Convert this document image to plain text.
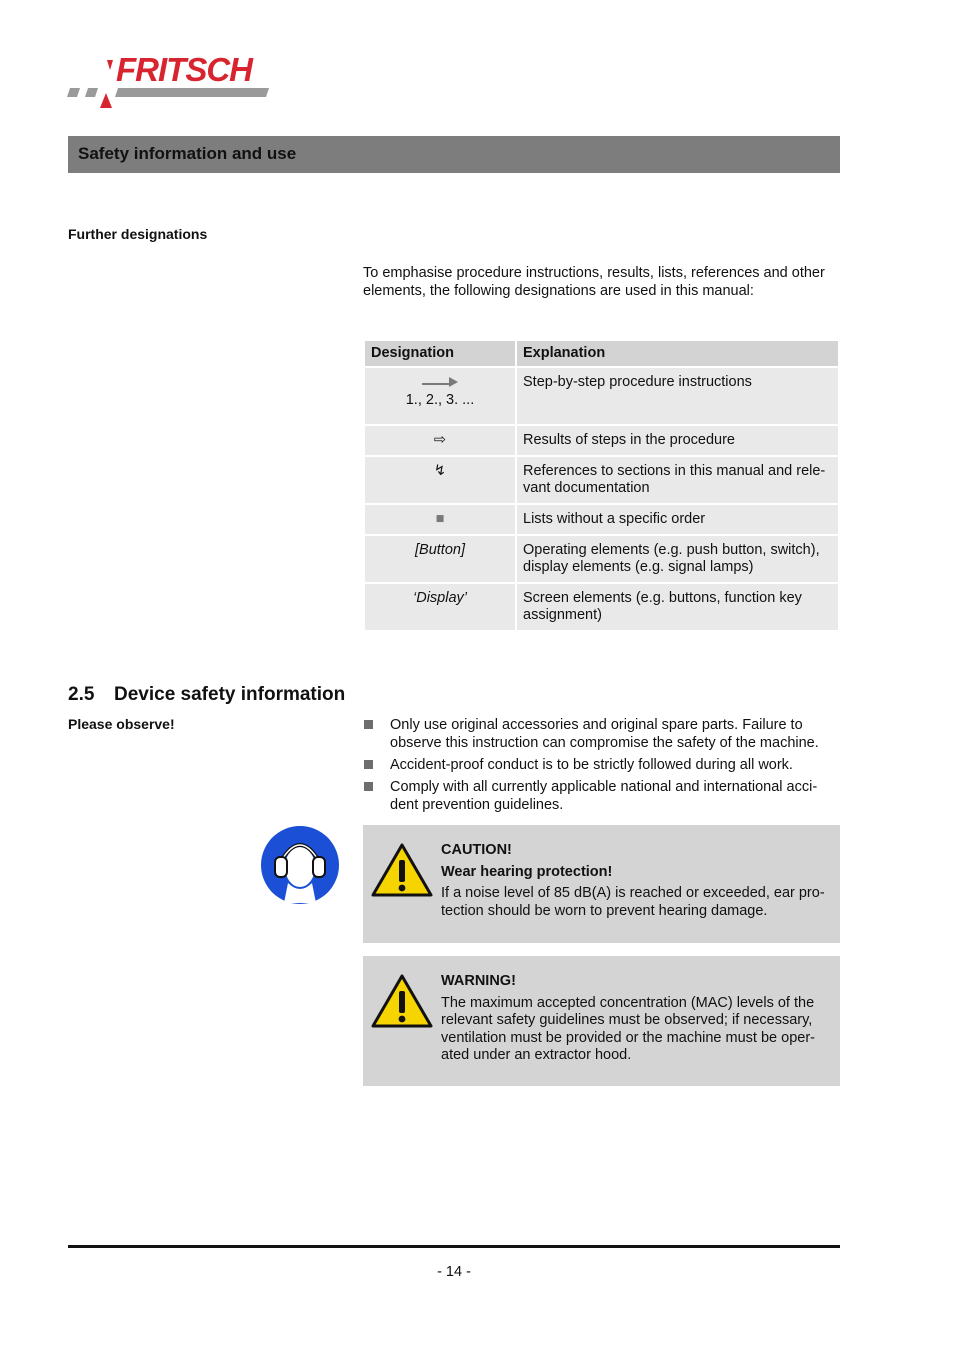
FRITSCH
Safety information and use
Further designations
To emphasise procedure instructions, results, lists, references and other elements, the following designations are used in this manual:
Designation	Explanation

1., 2., 3. ...	Step-by-step procedure instructions
⇨	Results of steps in the procedure
↯	References to sections in this manual and rele-vant documentation
■	Lists without a specific order
[Button]	Operating elements (e.g. push button, switch), display elements (e.g. signal lamps)
‘Display’	Screen elements (e.g. buttons, function key assignment)
2.5 Device safety information
Please observe!	Only use original accessories and original spare parts. Failure to observe this instruction can compromise the safety of the machine.
Accident-proof conduct is to be strictly followed during all work.
Comply with all currently applicable national and international acci-dent prevention guidelines.
CAUTION!
Wear hearing protection!
If a noise level of 85 dB(A) is reached or exceeded, ear pro-tection should be worn to prevent hearing damage.
WARNING!
The maximum accepted concentration (MAC) levels of the relevant safety guidelines must be observed; if necessary, ventilation must be provided or the machine must be oper-ated under an extractor hood.
- 14 -
